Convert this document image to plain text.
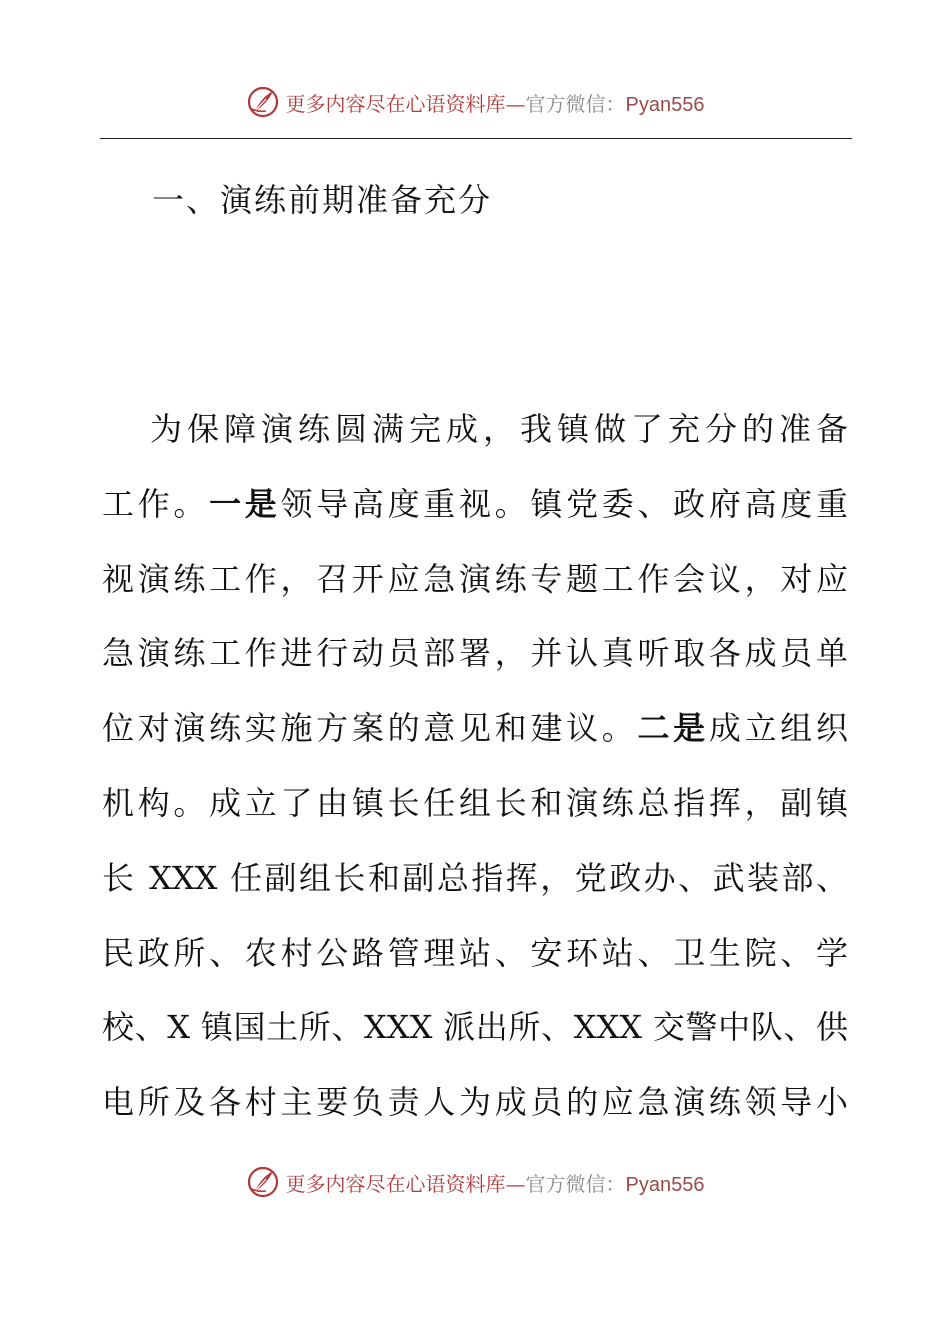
更多内容尽在心语资料库—官方微信：Pyan556
一、演练前期准备充分
为保障演练圆满完成，我镇做了充分的准备
工作。一是领导高度重视。镇党委、政府高度重
视演练工作，召开应急演练专题工作会议，对应
急演练工作进行动员部署，并认真听取各成员单
位对演练实施方案的意见和建议。二是成立组织
机构。成立了由镇长任组长和演练总指挥，副镇
长 XXX 任副组长和副总指挥，党政办、武装部、
民政所、农村公路管理站、安环站、卫生院、学
校、X 镇国土所、XXX 派出所、XXX 交警中队、供
电所及各村主要负责人为成员的应急演练领导小
更多内容尽在心语资料库—官方微信：Pyan556
